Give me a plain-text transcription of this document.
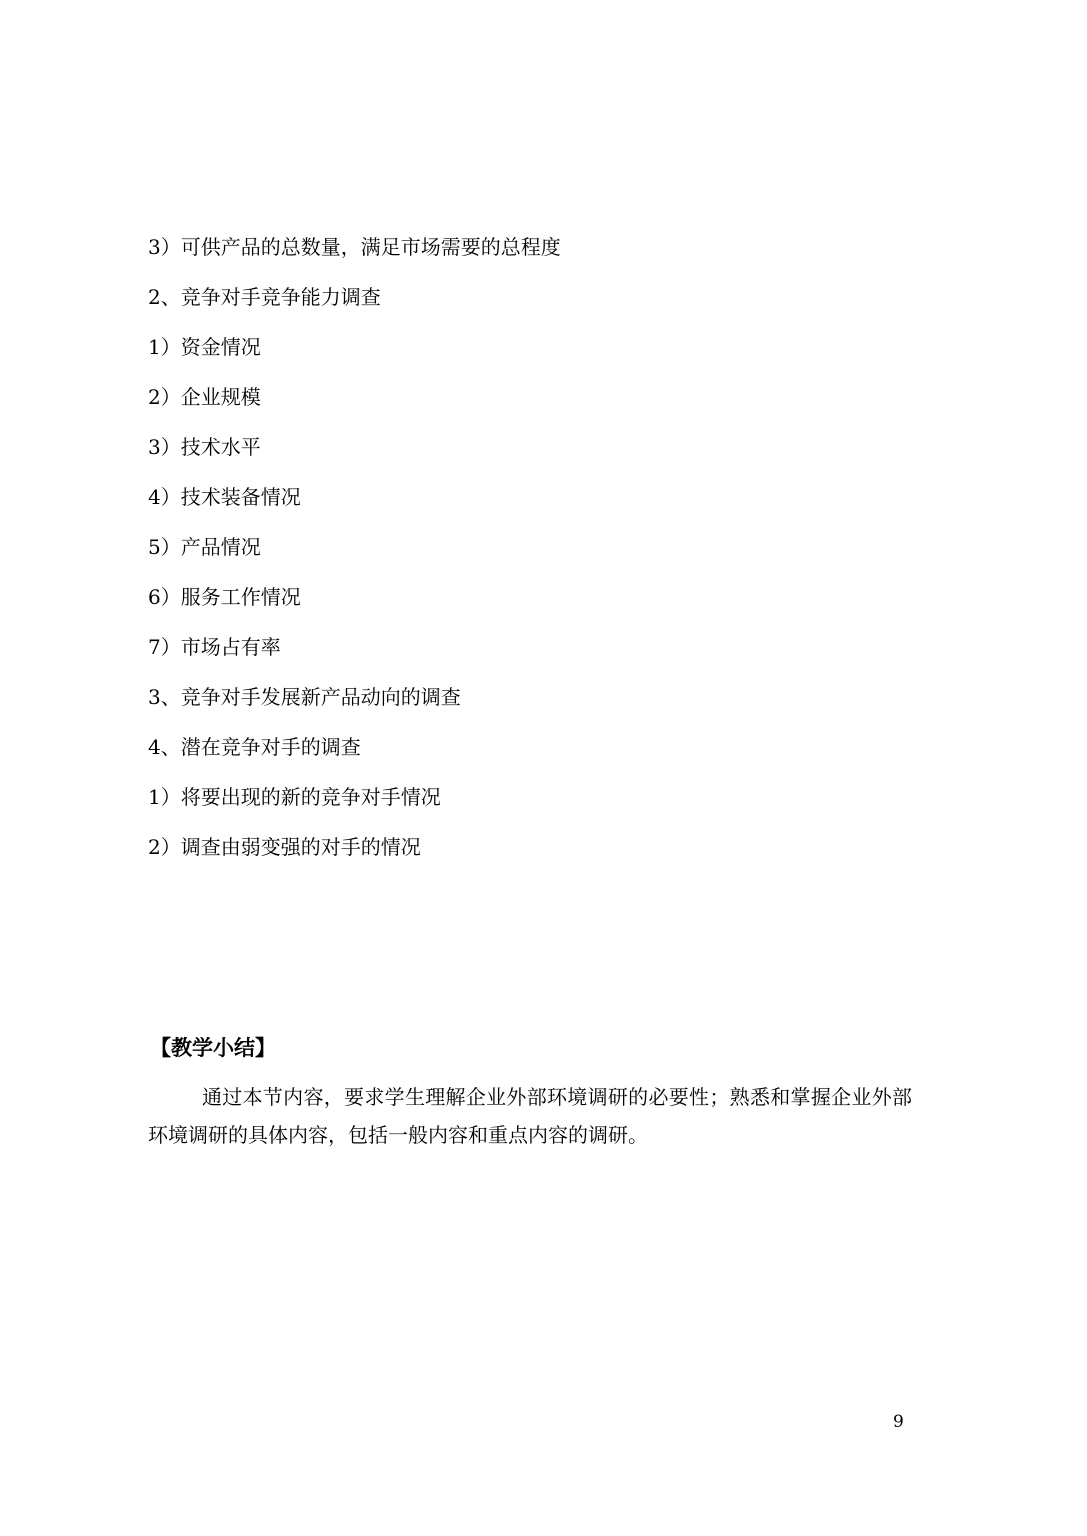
3）可供产品的总数量，满足市场需要的总程度
2、竞争对手竞争能力调查
1）资金情况
2）企业规模
3）技术水平
4）技术装备情况
5）产品情况
6）服务工作情况
7）市场占有率
3、竞争对手发展新产品动向的调查
4、潜在竞争对手的调查
1）将要出现的新的竞争对手情况
2）调查由弱变强的对手的情况
【教学小结】

通过本节内容，要求学生理解企业外部环境调研的必要性；熟悉和掌握企业外部环境调研的具体内容，包括一般内容和重点内容的调研。

9
